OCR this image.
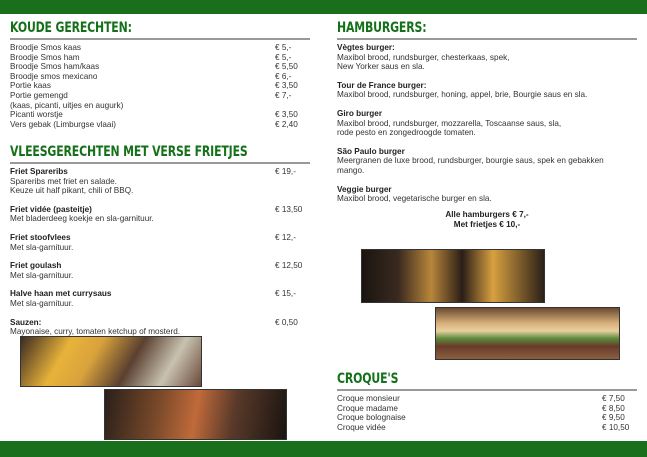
KOUDE GERECHTEN:
Broodje Smos kaas	€ 5,-
Broodje Smos ham	€ 5,-
Broodje Smos ham/kaas	€ 5,50
Broodje smos mexicano	€ 6,-
Portie kaas	€ 3,50
Portie gemengd	€ 7,-
(kaas, picanti, uitjes en augurk)
Picanti worstje	€ 3,50
Vers gebak (Limburgse vlaai)	€ 2,40
VLEESGERECHTEN MET VERSE FRIETJES
Friet Spareribs	€ 19,-
Spareribs met friet en salade.
Keuze uit half pikant, chili of BBQ.
Friet vidée (pasteitje)	€ 13,50
Met bladerdeeg koekje en sla-garnituur.
Friet stoofvlees	€ 12,-
Met sla-garnituur.
Friet goulash	€ 12,50
Met sla-garnituur.
Halve haan met currysaus	€ 15,-
Met sla-garnituur.
Sauzen:	€ 0,50
Mayonaise, curry, tomaten ketchup of mosterd.
HAMBURGERS:
Vègtes burger:
Maxibol brood, rundsburger, chesterkaas, spek,
New Yorker saus en sla.
Tour de France burger:
Maxibol brood, rundsburger, honing, appel, brie, Bourgie saus en sla.
Giro burger
Maxibol brood, rundsburger, mozzarella, Toscaanse saus, sla,
rode pesto en zongedroogde tomaten.
São Paulo burger
Meergranen de luxe brood, rundsburger, bourgie saus, spek en gebakken
mango.
Veggie burger
Maxibol brood, vegetarische burger en sla.
Alle hamburgers € 7,-
Met frietjes € 10,-
CROQUE'S
Croque monsieur	€ 7,50
Croque madame	€ 8,50
Croque bolognaise	€ 9,50
Croque vidée	€ 10,50
